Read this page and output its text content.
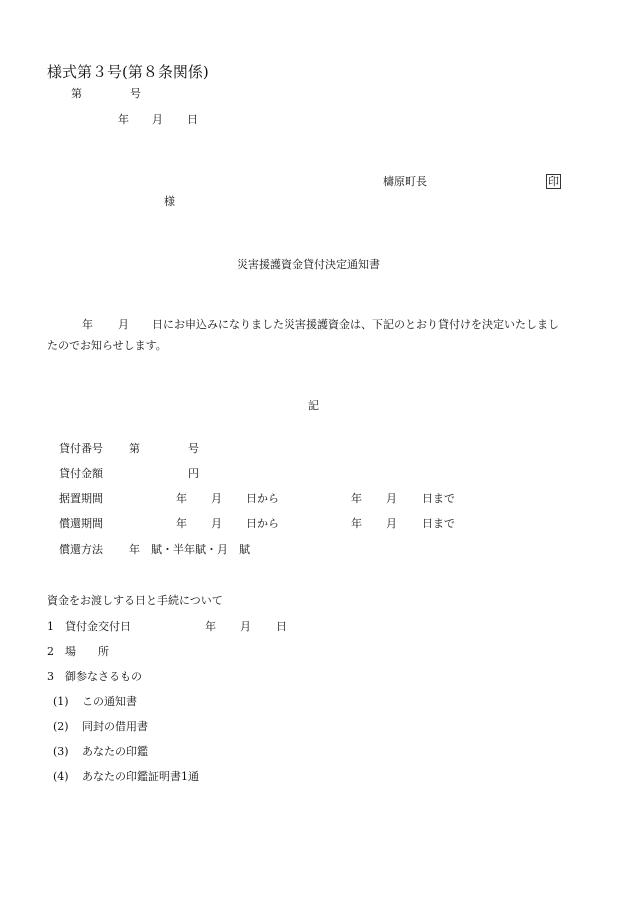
様式第３号(第８条関係)
第	号
年 月 日
檮原町長	印
様
災害援護資金貸付決定通知書
年 月 日にお申込みになりました災害援護資金は、下記のとおり貸付けを決定いたしまし
たのでお知らせします。
記
貸付番号 第	号
貸付金額	円
据置期間	年 月 日から	年 月 日まで
償還期間	年 月 日から	年 月 日まで
償還方法 年　賦・半年賦・月　賦
資金をお渡しする日と手続について
1 貸付金交付日	年 月 日
2 場　　所
3 御参なさるもの
(1) この通知書
(2) 同封の借用書
(3) あなたの印鑑
(4) あなたの印鑑証明書1通
